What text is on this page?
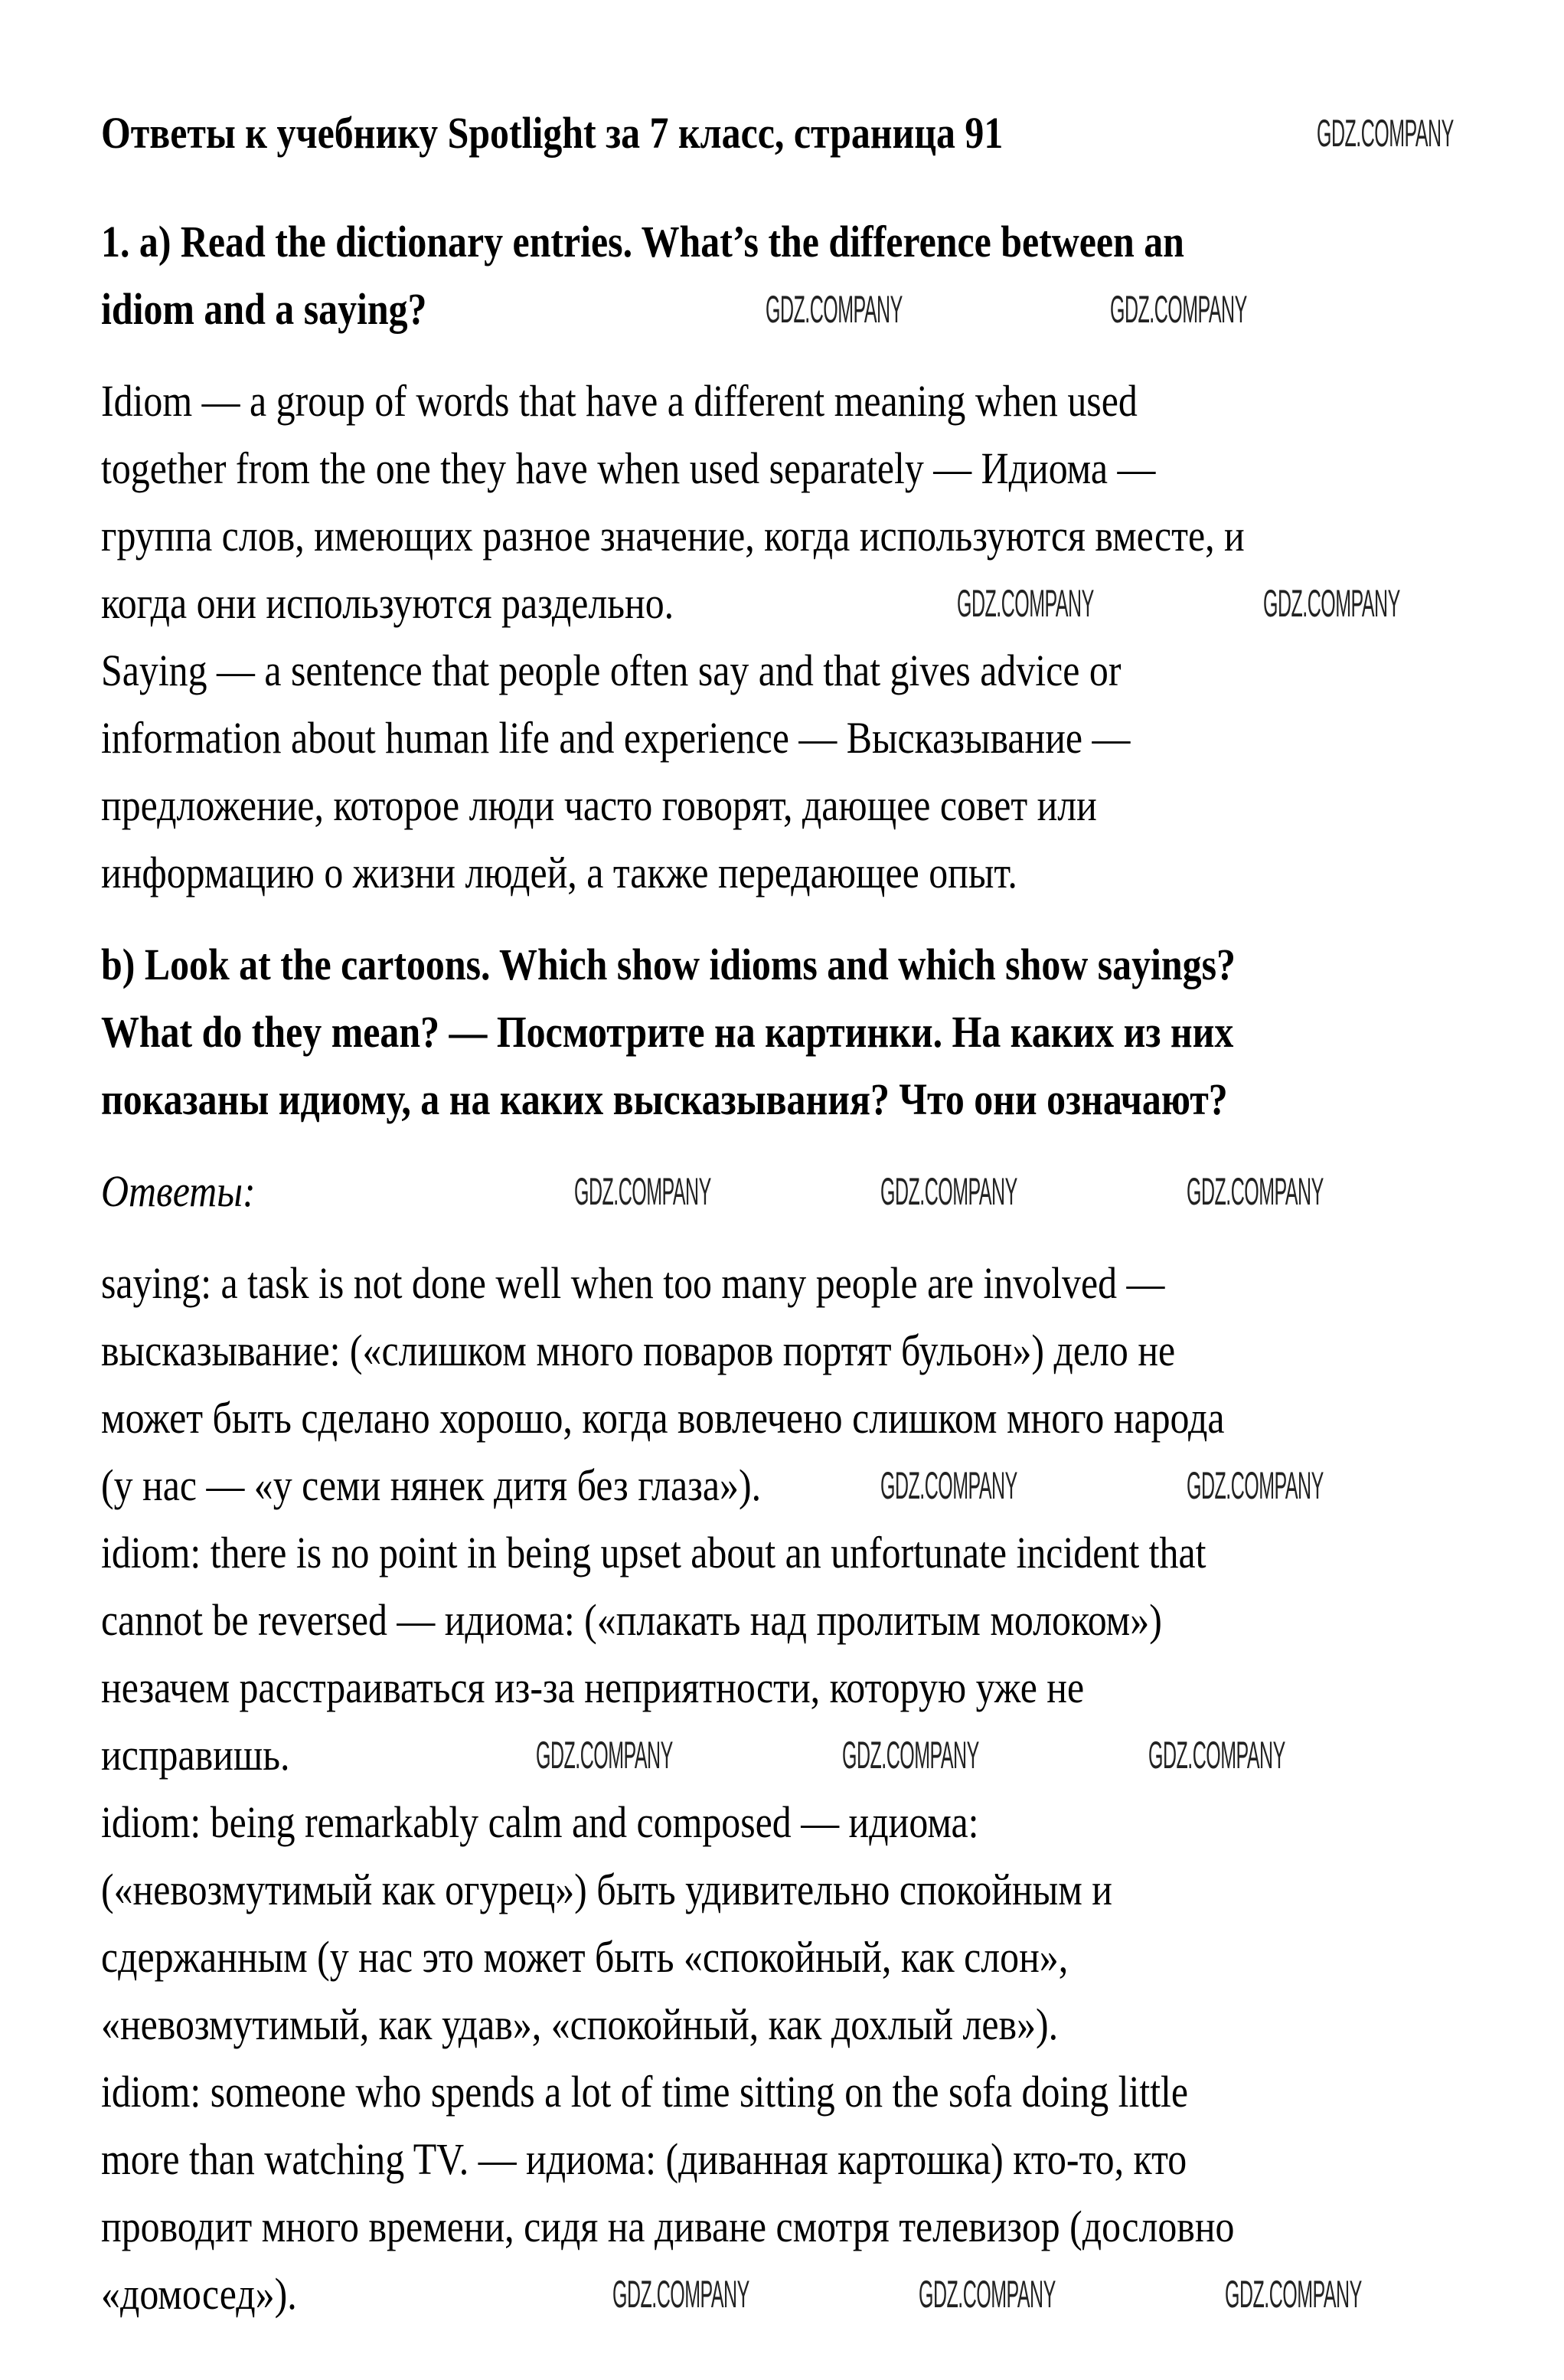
Ответы к учебнику Spotlight за 7 класс, страница 91
1. a) Read the dictionary entries. What’s the difference between an
idiom and a saying?
Idiom — a group of words that have a different meaning when used
together from the one they have when used separately — Идиома —
группа слов, имеющих разное значение, когда используются вместе, и
когда они используются раздельно.
Saying — a sentence that people often say and that gives advice or
information about human life and experience — Высказывание —
предложение, которое люди часто говорят, дающее совет или
информацию о жизни людей, а также передающее опыт.
b) Look at the cartoons. Which show idioms and which show sayings?
What do they mean? — Посмотрите на картинки. На каких из них
показаны идиому, а на каких высказывания? Что они означают?
Ответы:
saying: a task is not done well when too many people are involved —
высказывание: («слишком много поваров портят бульон») дело не
может быть сделано хорошо, когда вовлечено слишком много народа
(у нас — «у семи нянек дитя без глаза»).
idiom: there is no point in being upset about an unfortunate incident that
cannot be reversed — идиома: («плакать над пролитым молоком»)
незачем расстраиваться из-за неприятности, которую уже не
исправишь.
idiom: being remarkably calm and composed — идиома:
(«невозмутимый как огурец») быть удивительно спокойным и
сдержанным (у нас это может быть «спокойный, как слон»,
«невозмутимый, как удав», «спокойный, как дохлый лев»).
idiom: someone who spends a lot of time sitting on the sofa doing little
more than watching TV. — идиома: (диванная картошка) кто-то, кто
проводит много времени, сидя на диване смотря телевизор (дословно
«домосед»).
GDZ.COMPANY
GDZ.COMPANY	GDZ.COMPANY
GDZ.COMPANY	GDZ.COMPANY
GDZ.COMPANY	GDZ.COMPANY	GDZ.COMPANY
GDZ.COMPANY	GDZ.COMPANY
GDZ.COMPANY	GDZ.COMPANY	GDZ.COMPANY
GDZ.COMPANY	GDZ.COMPANY	GDZ.COMPANY
